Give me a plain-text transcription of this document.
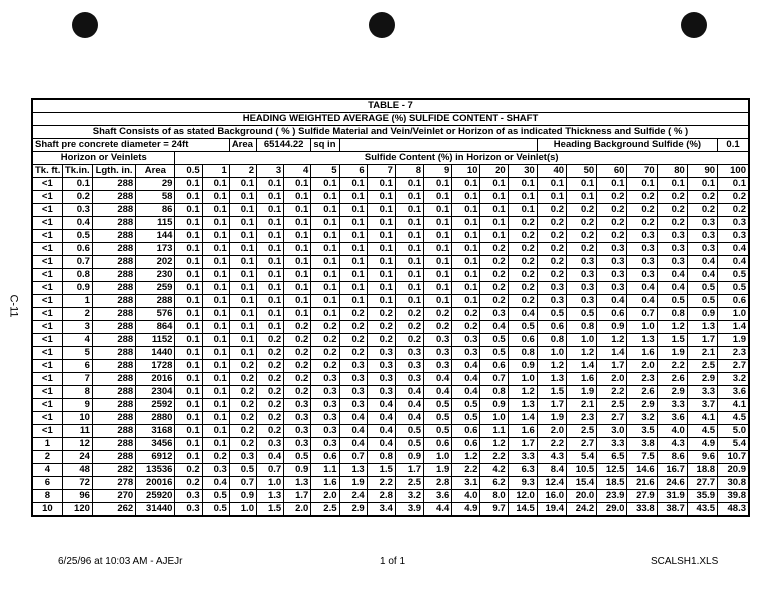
C-11
TABLE - 7																							
HEADING WEIGHTED AVERAGE (%) SULFIDE CONTENT - SHAFT																							
Shaft Consists of as stated Background ( % ) Sulfide Material and Vein/Veinlet or Horizon of as indicated Thickness and Sulfide ( % )																							
Shaft pre concrete diameter = 24ft						Area	65144.22		sq in								Heading Background Sulfide (%)						0.1
Horizon or Veinlets				Sulfide Content (%) in Horizon or Veinlet(s)																			
Tk. ft.	Tk.in.	Lgth. in.	Area	0.5	1	2	3	4	5	6	7	8	9	10	20	30	40	50	60	70	80	90	100
<1	0.1	288	29	0.1	0.1	0.1	0.1	0.1	0.1	0.1	0.1	0.1	0.1	0.1	0.1	0.1	0.1	0.1	0.1	0.1	0.1	0.1	0.1
<1	0.2	288	58	0.1	0.1	0.1	0.1	0.1	0.1	0.1	0.1	0.1	0.1	0.1	0.1	0.1	0.1	0.1	0.2	0.2	0.2	0.2	0.2
<1	0.3	288	86	0.1	0.1	0.1	0.1	0.1	0.1	0.1	0.1	0.1	0.1	0.1	0.1	0.1	0.2	0.2	0.2	0.2	0.2	0.2	0.2
<1	0.4	288	115	0.1	0.1	0.1	0.1	0.1	0.1	0.1	0.1	0.1	0.1	0.1	0.1	0.2	0.2	0.2	0.2	0.2	0.2	0.3	0.3
<1	0.5	288	144	0.1	0.1	0.1	0.1	0.1	0.1	0.1	0.1	0.1	0.1	0.1	0.1	0.2	0.2	0.2	0.2	0.3	0.3	0.3	0.3
<1	0.6	288	173	0.1	0.1	0.1	0.1	0.1	0.1	0.1	0.1	0.1	0.1	0.1	0.2	0.2	0.2	0.2	0.3	0.3	0.3	0.3	0.4
<1	0.7	288	202	0.1	0.1	0.1	0.1	0.1	0.1	0.1	0.1	0.1	0.1	0.1	0.2	0.2	0.2	0.3	0.3	0.3	0.3	0.4	0.4
<1	0.8	288	230	0.1	0.1	0.1	0.1	0.1	0.1	0.1	0.1	0.1	0.1	0.1	0.2	0.2	0.2	0.3	0.3	0.3	0.4	0.4	0.5
<1	0.9	288	259	0.1	0.1	0.1	0.1	0.1	0.1	0.1	0.1	0.1	0.1	0.1	0.2	0.2	0.3	0.3	0.3	0.4	0.4	0.5	0.5
<1	1	288	288	0.1	0.1	0.1	0.1	0.1	0.1	0.1	0.1	0.1	0.1	0.1	0.2	0.2	0.3	0.3	0.4	0.4	0.5	0.5	0.6
<1	2	288	576	0.1	0.1	0.1	0.1	0.1	0.1	0.2	0.2	0.2	0.2	0.2	0.3	0.4	0.5	0.5	0.6	0.7	0.8	0.9	1.0
<1	3	288	864	0.1	0.1	0.1	0.1	0.2	0.2	0.2	0.2	0.2	0.2	0.2	0.4	0.5	0.6	0.8	0.9	1.0	1.2	1.3	1.4
<1	4	288	1152	0.1	0.1	0.1	0.2	0.2	0.2	0.2	0.2	0.2	0.3	0.3	0.5	0.6	0.8	1.0	1.2	1.3	1.5	1.7	1.9
<1	5	288	1440	0.1	0.1	0.1	0.2	0.2	0.2	0.2	0.3	0.3	0.3	0.3	0.5	0.8	1.0	1.2	1.4	1.6	1.9	2.1	2.3
<1	6	288	1728	0.1	0.1	0.2	0.2	0.2	0.2	0.3	0.3	0.3	0.3	0.4	0.6	0.9	1.2	1.4	1.7	2.0	2.2	2.5	2.7
<1	7	288	2016	0.1	0.1	0.2	0.2	0.2	0.3	0.3	0.3	0.3	0.4	0.4	0.7	1.0	1.3	1.6	2.0	2.3	2.6	2.9	3.2
<1	8	288	2304	0.1	0.1	0.2	0.2	0.2	0.3	0.3	0.3	0.4	0.4	0.4	0.8	1.2	1.5	1.9	2.2	2.6	2.9	3.3	3.6
<1	9	288	2592	0.1	0.1	0.2	0.2	0.3	0.3	0.3	0.4	0.4	0.5	0.5	0.9	1.3	1.7	2.1	2.5	2.9	3.3	3.7	4.1
<1	10	288	2880	0.1	0.1	0.2	0.2	0.3	0.3	0.4	0.4	0.4	0.5	0.5	1.0	1.4	1.9	2.3	2.7	3.2	3.6	4.1	4.5
<1	11	288	3168	0.1	0.1	0.2	0.2	0.3	0.3	0.4	0.4	0.5	0.5	0.6	1.1	1.6	2.0	2.5	3.0	3.5	4.0	4.5	5.0
1	12	288	3456	0.1	0.1	0.2	0.3	0.3	0.3	0.4	0.4	0.5	0.6	0.6	1.2	1.7	2.2	2.7	3.3	3.8	4.3	4.9	5.4
2	24	288	6912	0.1	0.2	0.3	0.4	0.5	0.6	0.7	0.8	0.9	1.0	1.2	2.2	3.3	4.3	5.4	6.5	7.5	8.6	9.6	10.7
4	48	282	13536	0.2	0.3	0.5	0.7	0.9	1.1	1.3	1.5	1.7	1.9	2.2	4.2	6.3	8.4	10.5	12.5	14.6	16.7	18.8	20.9
6	72	278	20016	0.2	0.4	0.7	1.0	1.3	1.6	1.9	2.2	2.5	2.8	3.1	6.2	9.3	12.4	15.4	18.5	21.6	24.6	27.7	30.8
8	96	270	25920	0.3	0.5	0.9	1.3	1.7	2.0	2.4	2.8	3.2	3.6	4.0	8.0	12.0	16.0	20.0	23.9	27.9	31.9	35.9	39.8
10	120	262	31440	0.3	0.5	1.0	1.5	2.0	2.5	2.9	3.4	3.9	4.4	4.9	9.7	14.5	19.4	24.2	29.0	33.8	38.7	43.5	48.3
6/25/96 at 10:03 AM - AJEJr	1 of 1	SCALSH1.XLS
